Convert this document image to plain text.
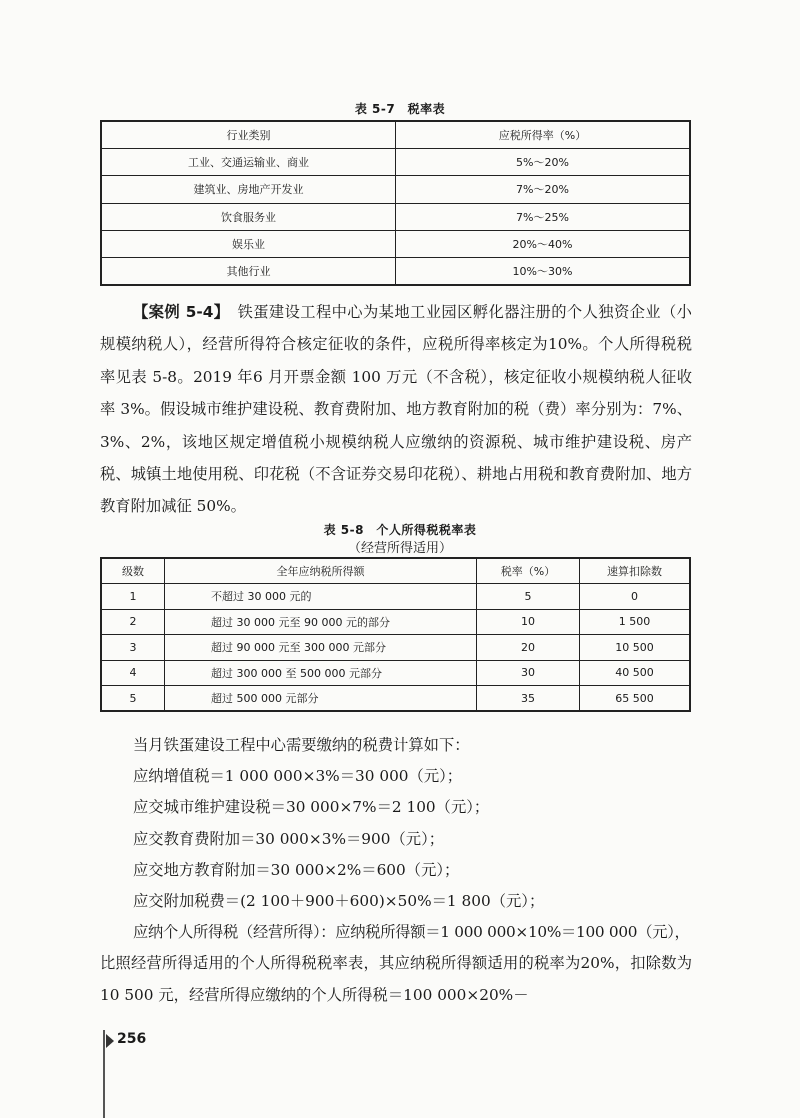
表 5-7　税率表
行业类别	应税所得率（%）
工业、交通运输业、商业	5%～20%
建筑业、房地产开发业	7%～20%
饮食服务业	7%～25%
娱乐业	20%～40%
其他行业	10%～30%
【案例 5-4】　 铁蛋建设工程中心为某地工业园区孵化器注册的个人独资企业（小规模纳税人），经营所得符合核定征收的条件，应税所得率核定为10%。个人所得税税率见表 5-8。2019 年6 月开票金额 100 万元（不含税），核定征收小规模纳税人征收率 3%。假设城市维护建设税、教育费附加、地方教育附加的税（费）率分别为：7%、3%、2%，该地区规定增值税小规模纳税人应缴纳的资源税、城市维护建设税、房产税、城镇土地使用税、印花税（不含证券交易印花税）、耕地占用税和教育费附加、地方教育附加减征 50%。
表 5-8　个人所得税税率表
（经营所得适用）
级数	全年应纳税所得额	税率（%）	速算扣除数
1	不超过 30 000 元的	5	0
2	超过 30 000 元至 90 000 元的部分	10	1 500
3	超过 90 000 元至 300 000 元部分	20	10 500
4	超过 300 000 至 500 000 元部分	30	40 500
5	超过 500 000 元部分	35	65 500
当月铁蛋建设工程中心需要缴纳的税费计算如下：
应纳增值税＝1 000 000×3%＝30 000（元）；
应交城市维护建设税＝30 000×7%＝2 100（元）；
应交教育费附加＝30 000×3%＝900（元）；
应交地方教育附加＝30 000×2%＝600（元）；
应交附加税费＝(2 100＋900＋600)×50%＝1 800（元）；
应纳个人所得税（经营所得）：应纳税所得额＝1 000 000×10%＝100 000（元），
比照经营所得适用的个人所得税税率表，其应纳税所得额适用的税率为20%，扣除数为 10 500 元，经营所得应缴纳的个人所得税＝100 000×20%－
256
